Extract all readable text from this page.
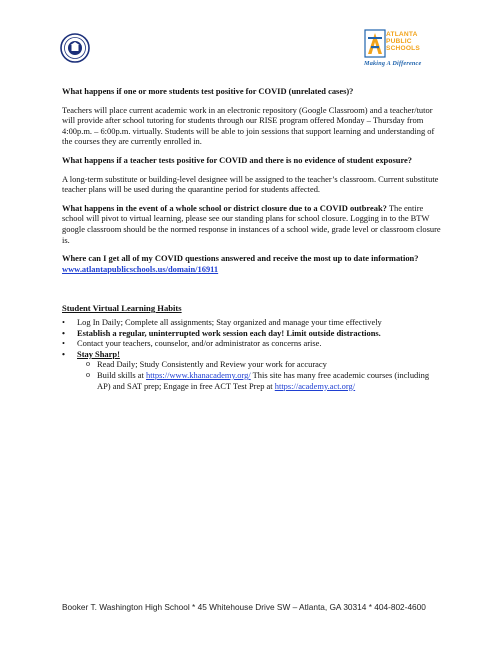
ATLANTA
PUBLIC
SCHOOLS
Making A Difference

What happens if one or more students test positive for COVID (unrelated cases)?

Teachers will place current academic work in an electronic repository (Google Classroom) and a teacher/tutor will provide after school tutoring for students through our RISE program offered Monday – Thursday from 4:00p.m. – 6:00p.m. virtually. Students will be able to join sessions that support learning and understanding of the courses they are currently enrolled in.

What happens if a teacher tests positive for COVID and there is no evidence of student exposure?

A long-term substitute or building-level designee will be assigned to the teacher’s classroom. Current substitute teacher plans will be used during the quarantine period for students affected.

What happens in the event of a whole school or district closure due to a COVID outbreak? The entire school will pivot to virtual learning, please see our standing plans for school closure. Logging in to the BTW google classroom should be the normed response in instances of a school wide, grade level or classroom closure is.

Where can I get all of my COVID questions answered and receive the most up to date information?

www.atlantapublicschools.us/domain/16911

Student Virtual Learning Habits
• Log In Daily; Complete all assignments; Stay organized and manage your time effectively
• Establish a regular, uninterrupted work session each day! Limit outside distractions.
• Contact your teachers, counselor, and/or administrator as concerns arise.
• Stay Sharp!
o Read Daily; Study Consistently and Review your work for accuracy
o Build skills at https://www.khanacademy.org/ This site has many free academic courses (including AP) and SAT prep; Engage in free ACT Test Prep at https://academy.act.org/
Booker T. Washington High School * 45 Whitehouse Drive SW – Atlanta, GA 30314 * 404-802-4600
